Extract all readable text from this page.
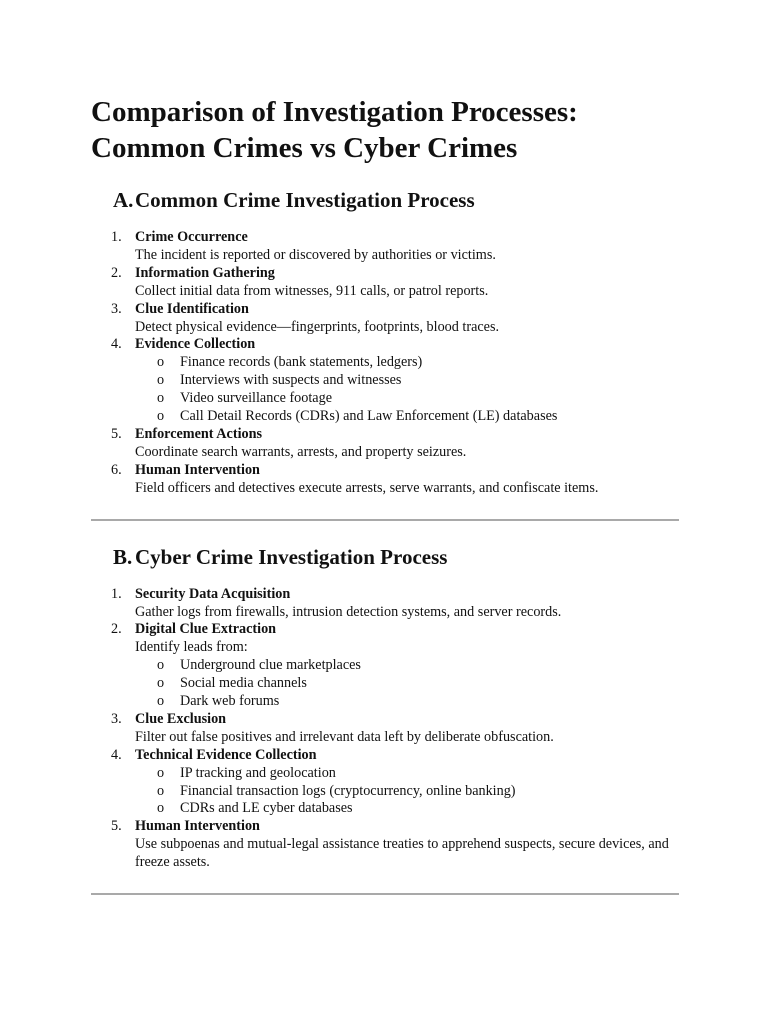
Comparison of Investigation Processes:
Common Crimes vs Cyber Crimes
A. Common Crime Investigation Process
1. Crime Occurrence
The incident is reported or discovered by authorities or victims.
2. Information Gathering
Collect initial data from witnesses, 911 calls, or patrol reports.
3. Clue Identification
Detect physical evidence—fingerprints, footprints, blood traces.
4. Evidence Collection
o Finance records (bank statements, ledgers)
o Interviews with suspects and witnesses
o Video surveillance footage
o Call Detail Records (CDRs) and Law Enforcement (LE) databases
5. Enforcement Actions
Coordinate search warrants, arrests, and property seizures.
6. Human Intervention
Field officers and detectives execute arrests, serve warrants, and confiscate items.
B. Cyber Crime Investigation Process
1. Security Data Acquisition
Gather logs from firewalls, intrusion detection systems, and server records.
2. Digital Clue Extraction
Identify leads from:
o Underground clue marketplaces
o Social media channels
o Dark web forums
3. Clue Exclusion
Filter out false positives and irrelevant data left by deliberate obfuscation.
4. Technical Evidence Collection
o IP tracking and geolocation
o Financial transaction logs (cryptocurrency, online banking)
o CDRs and LE cyber databases
5. Human Intervention
Use subpoenas and mutual-legal assistance treaties to apprehend suspects, secure devices, and freeze assets.
